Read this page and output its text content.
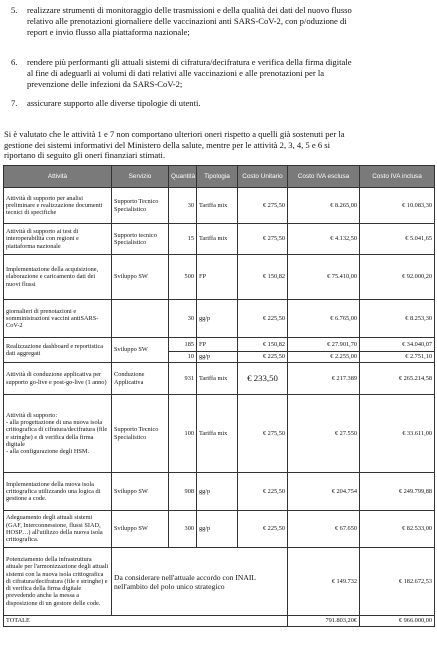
5. realizzare strumenti di monitoraggio delle trasmissioni e della qualità dei dati del nuovo flusso
relativo alle prenotazioni giornaliere delle vaccinazioni anti SARS-CoV-2, con p/oduzione di
report e invio flusso alla piattaforma nazionale;
6. rendere più performanti gli attuali sistemi di cifratura/decifratura e verifica della firma digitale
al fine di adeguarli ai volumi di dati relativi alle vaccinazioni e alle prenotazioni per la
prevenzione delle infezioni da SARS-CoV-2;
7. assicurare supporto alle diverse tipologie di utenti.
Si è valutato che le attività 1 e 7 non comportano ulteriori oneri rispetto a quelli già sostenuti per la
gestione dei sistemi informativi del Ministero della salute, mentre per le attività 2, 3, 4, 5 e 6 si
riportano di seguito gli oneri finanziari stimati.
Attività	Servizio	Quantità	Tipologia	Costo Unitario	Costo IVA esclusa	Costo IVA inclusa
Attività di supporto per analisi preliminare e realizzazione documenti tecnici di specifiche	Supporto Tecnico Specialistico	30	Tariffa mix	€ 275,50	€ 8.265,00	€ 10.083,30
Attività di supporto ai test di interoperabilità con regioni e piattaforma nazionale	Supporto tecnico Specialistico	15	Tariffa mix	€ 275,50	€ 4.132,50	€ 5.041,65
Implementazione della acquisizione, elaborazione e caricamento dati dei nuovi flussi	Sviluppo SW	500	FP	€ 150,82	€ 75.410,00	€ 92.000,20
giornalieri di prenotazioni e somministrazioni vaccini antiSARS-CoV-2		30	gg/p	€ 225,50	€ 6.765,00	€ 8.253,30
Realizzazione dashboard e reportistica dati aggregati	Sviluppo SW	185	FP	€ 150,82	€ 27.901,70	€ 34.040,07
		10	gg/p	€ 225,50	€ 2.255,00	€ 2.751,10
Attività di conduzione applicativa per supporto go-live e post-go-live (1 anno)	Conduzione Applicativa	931	Tariffa mix	€ 233,50	€ 217.389	€ 265.214,58
Attività di supporto:
- alla progettazione di una nuova isola crittografica di cifratura/decifratura (file e stringhe) e di verifica della firma digitale
- alla configurazione degli HSM.	Supporto Tecnico Specialistico	100	Tariffa mix	€ 275,50	€ 27.550	€ 33.611,00
Implementazione della nuova isola crittografica utilizzando una logica di gestione a code.	Sviluppo SW	908	gg/p	€ 225,50	€ 204.754	€ 249.799,88
Adeguamento degli attuali sistemi (GAF, Interconnessione, flussi SIAD, HOSP…) all'utilizzo della nuova isola crittografica.	Sviluppo SW	300	gg/p	€ 225,50	€ 67.650	€ 82.533,00
Potenziamento della infrastruttura attuale per l'armonizzazione degli attuali sistemi con la nuova isola crittografica di cifratura/decifratura (file e stringhe) e di verifica della firma digitale prevedendo anche la messa a disposizione di un gestore delle code.	Da considerare nell'attuale accordo con INAIL nell'ambito del polo unico strategico				€ 149.732	€ 182.672,53
TOTALE					791.803,20€	€ 966.000,00
